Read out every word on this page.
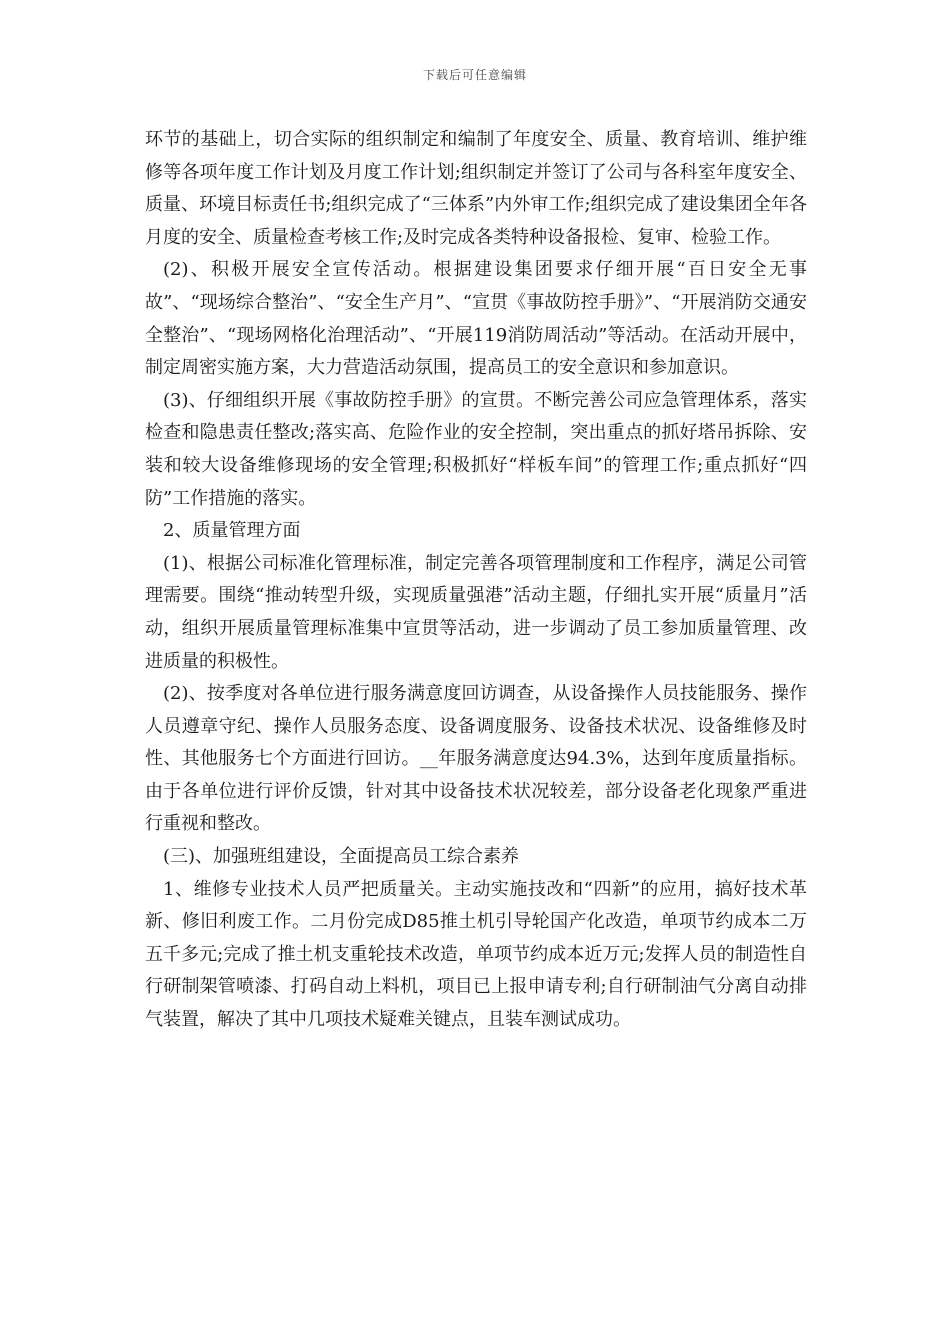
下载后可任意编辑

环节的基础上，切合实际的组织制定和编制了年度安全、质量、教育培训、维护维修等各项年度工作计划及月度工作计划;组织制定并签订了公司与各科室年度安全、质量、环境目标责任书;组织完成了“三体系”内外审工作;组织完成了建设集团全年各月度的安全、质量检查考核工作;及时完成各类特种设备报检、复审、检验工作。

(2)、积极开展安全宣传活动。根据建设集团要求仔细开展“百日安全无事故”、“现场综合整治”、“安全生产月”、“宣贯《事故防控手册》”、“开展消防交通安全整治”、“现场网格化治理活动”、“开展119消防周活动”等活动。在活动开展中，制定周密实施方案，大力营造活动氛围，提高员工的安全意识和参加意识。

(3)、仔细组织开展《事故防控手册》的宣贯。不断完善公司应急管理体系，落实检查和隐患责任整改;落实高、危险作业的安全控制，突出重点的抓好塔吊拆除、安装和较大设备维修现场的安全管理;积极抓好“样板车间”的管理工作;重点抓好“四防”工作措施的落实。

2、质量管理方面

(1)、根据公司标准化管理标准，制定完善各项管理制度和工作程序，满足公司管理需要。围绕“推动转型升级，实现质量强港”活动主题，仔细扎实开展“质量月”活动，组织开展质量管理标准集中宣贯等活动，进一步调动了员工参加质量管理、改进质量的积极性。

(2)、按季度对各单位进行服务满意度回访调查，从设备操作人员技能服务、操作人员遵章守纪、操作人员服务态度、设备调度服务、设备技术状况、设备维修及时性、其他服务七个方面进行回访。__年服务满意度达94.3%，达到年度质量指标。由于各单位进行评价反馈，针对其中设备技术状况较差，部分设备老化现象严重进行重视和整改。

(三)、加强班组建设，全面提高员工综合素养

1、维修专业技术人员严把质量关。主动实施技改和“四新”的应用，搞好技术革新、修旧利废工作。二月份完成D85推土机引导轮国产化改造，单项节约成本二万五千多元;完成了推土机支重轮技术改造，单项节约成本近万元;发挥人员的制造性自行研制架管喷漆、打码自动上料机，项目已上报申请专利;自行研制油气分离自动排气装置，解决了其中几项技术疑难关键点，且装车测试成功。
